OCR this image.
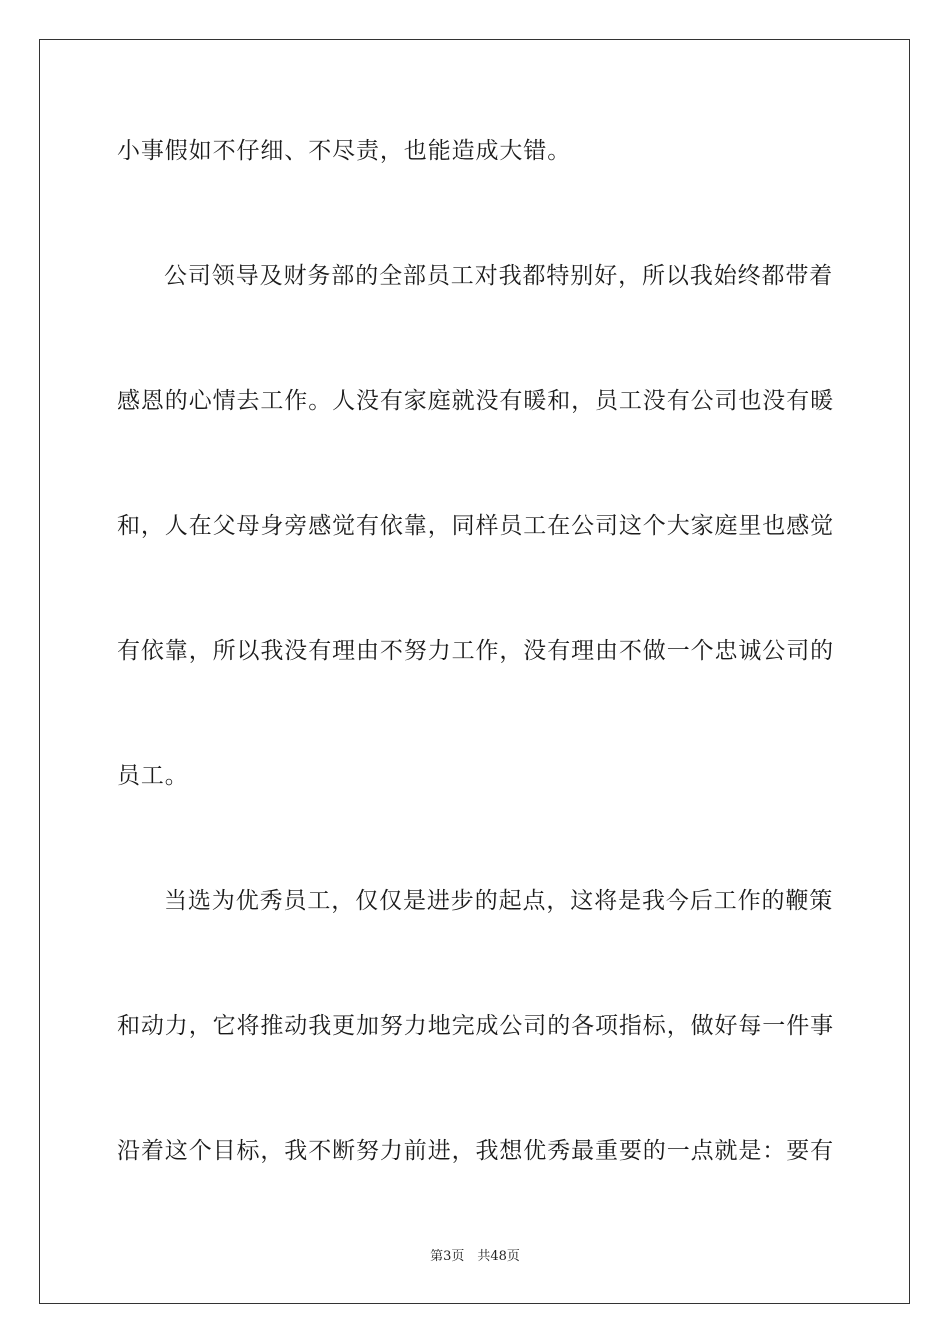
小事假如不仔细、不尽责，也能造成大错。
公司领导及财务部的全部员工对我都特别好，所以我始终都带着
感恩的心情去工作。人没有家庭就没有暖和，员工没有公司也没有暖
和，人在父母身旁感觉有依靠，同样员工在公司这个大家庭里也感觉
有依靠，所以我没有理由不努力工作，没有理由不做一个忠诚公司的
员工。
当选为优秀员工，仅仅是进步的起点，这将是我今后工作的鞭策
和动力，它将推动我更加努力地完成公司的各项指标，做好每一件事
沿着这个目标，我不断努力前进，我想优秀最重要的一点就是：要有
第3页　共48页
